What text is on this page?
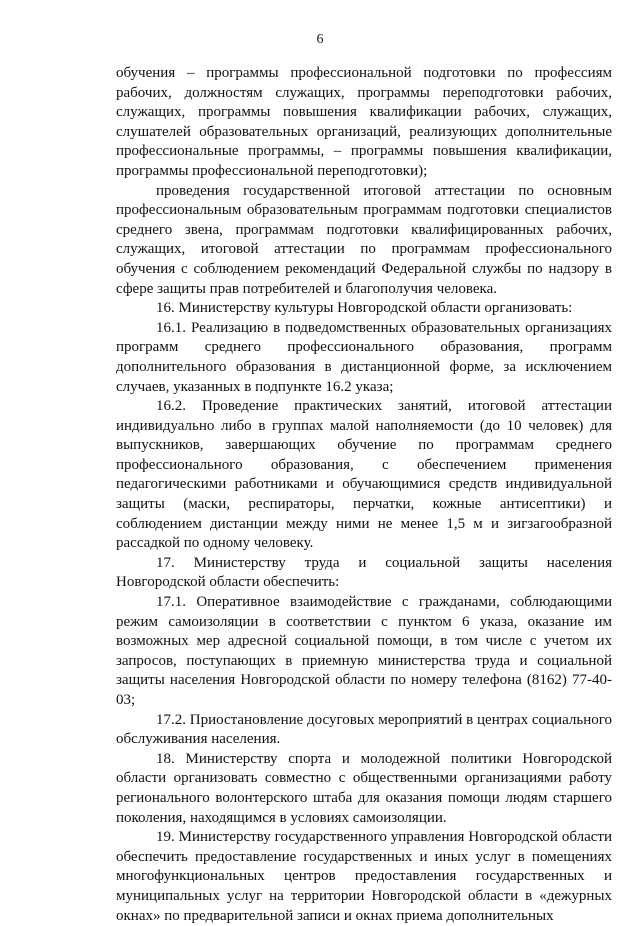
6

обучения – программы профессиональной подготовки по профессиям рабочих, должностям служащих, программы переподготовки рабочих, служащих, программы повышения квалификации рабочих, служащих, слушателей образовательных организаций, реализующих дополнительные профессиональные программы, – программы повышения квалификации, программы профессиональной переподготовки);

проведения государственной итоговой аттестации по основным профессиональным образовательным программам подготовки специалистов среднего звена, программам подготовки квалифицированных рабочих, служащих, итоговой аттестации по программам профессионального обучения с соблюдением рекомендаций Федеральной службы по надзору в сфере защиты прав потребителей и благополучия человека.

16. Министерству культуры Новгородской области организовать:

16.1. Реализацию в подведомственных образовательных организациях программ среднего профессионального образования, программ дополнительного образования в дистанционной форме, за исключением случаев, указанных в подпункте 16.2 указа;

16.2. Проведение практических занятий, итоговой аттестации индивидуально либо в группах малой наполняемости (до 10 человек) для выпускников, завершающих обучение по программам среднего профессионального образования, с обеспечением применения педагогическими работниками и обучающимися средств индивидуальной защиты (маски, респираторы, перчатки, кожные антисептики) и соблюдением дистанции между ними не менее 1,5 м и зигзагообразной рассадкой по одному человеку.

17. Министерству труда и социальной защиты населения Новгородской области обеспечить:

17.1. Оперативное взаимодействие с гражданами, соблюдающими режим самоизоляции в соответствии с пунктом 6 указа, оказание им возможных мер адресной социальной помощи, в том числе с учетом их запросов, поступающих в приемную министерства труда и социальной защиты населения Новгородской области по номеру телефона (8162) 77-40-03;

17.2. Приостановление досуговых мероприятий в центрах социального обслуживания населения.

18. Министерству спорта и молодежной политики Новгородской области организовать совместно с общественными организациями работу регионального волонтерского штаба для оказания помощи людям старшего поколения, находящимся в условиях самоизоляции.

19. Министерству государственного управления Новгородской области обеспечить предоставление государственных и иных услуг в помещениях многофункциональных центров предоставления государственных и муниципальных услуг на территории Новгородской области в «дежурных окнах» по предварительной записи и окнах приема дополнительных
